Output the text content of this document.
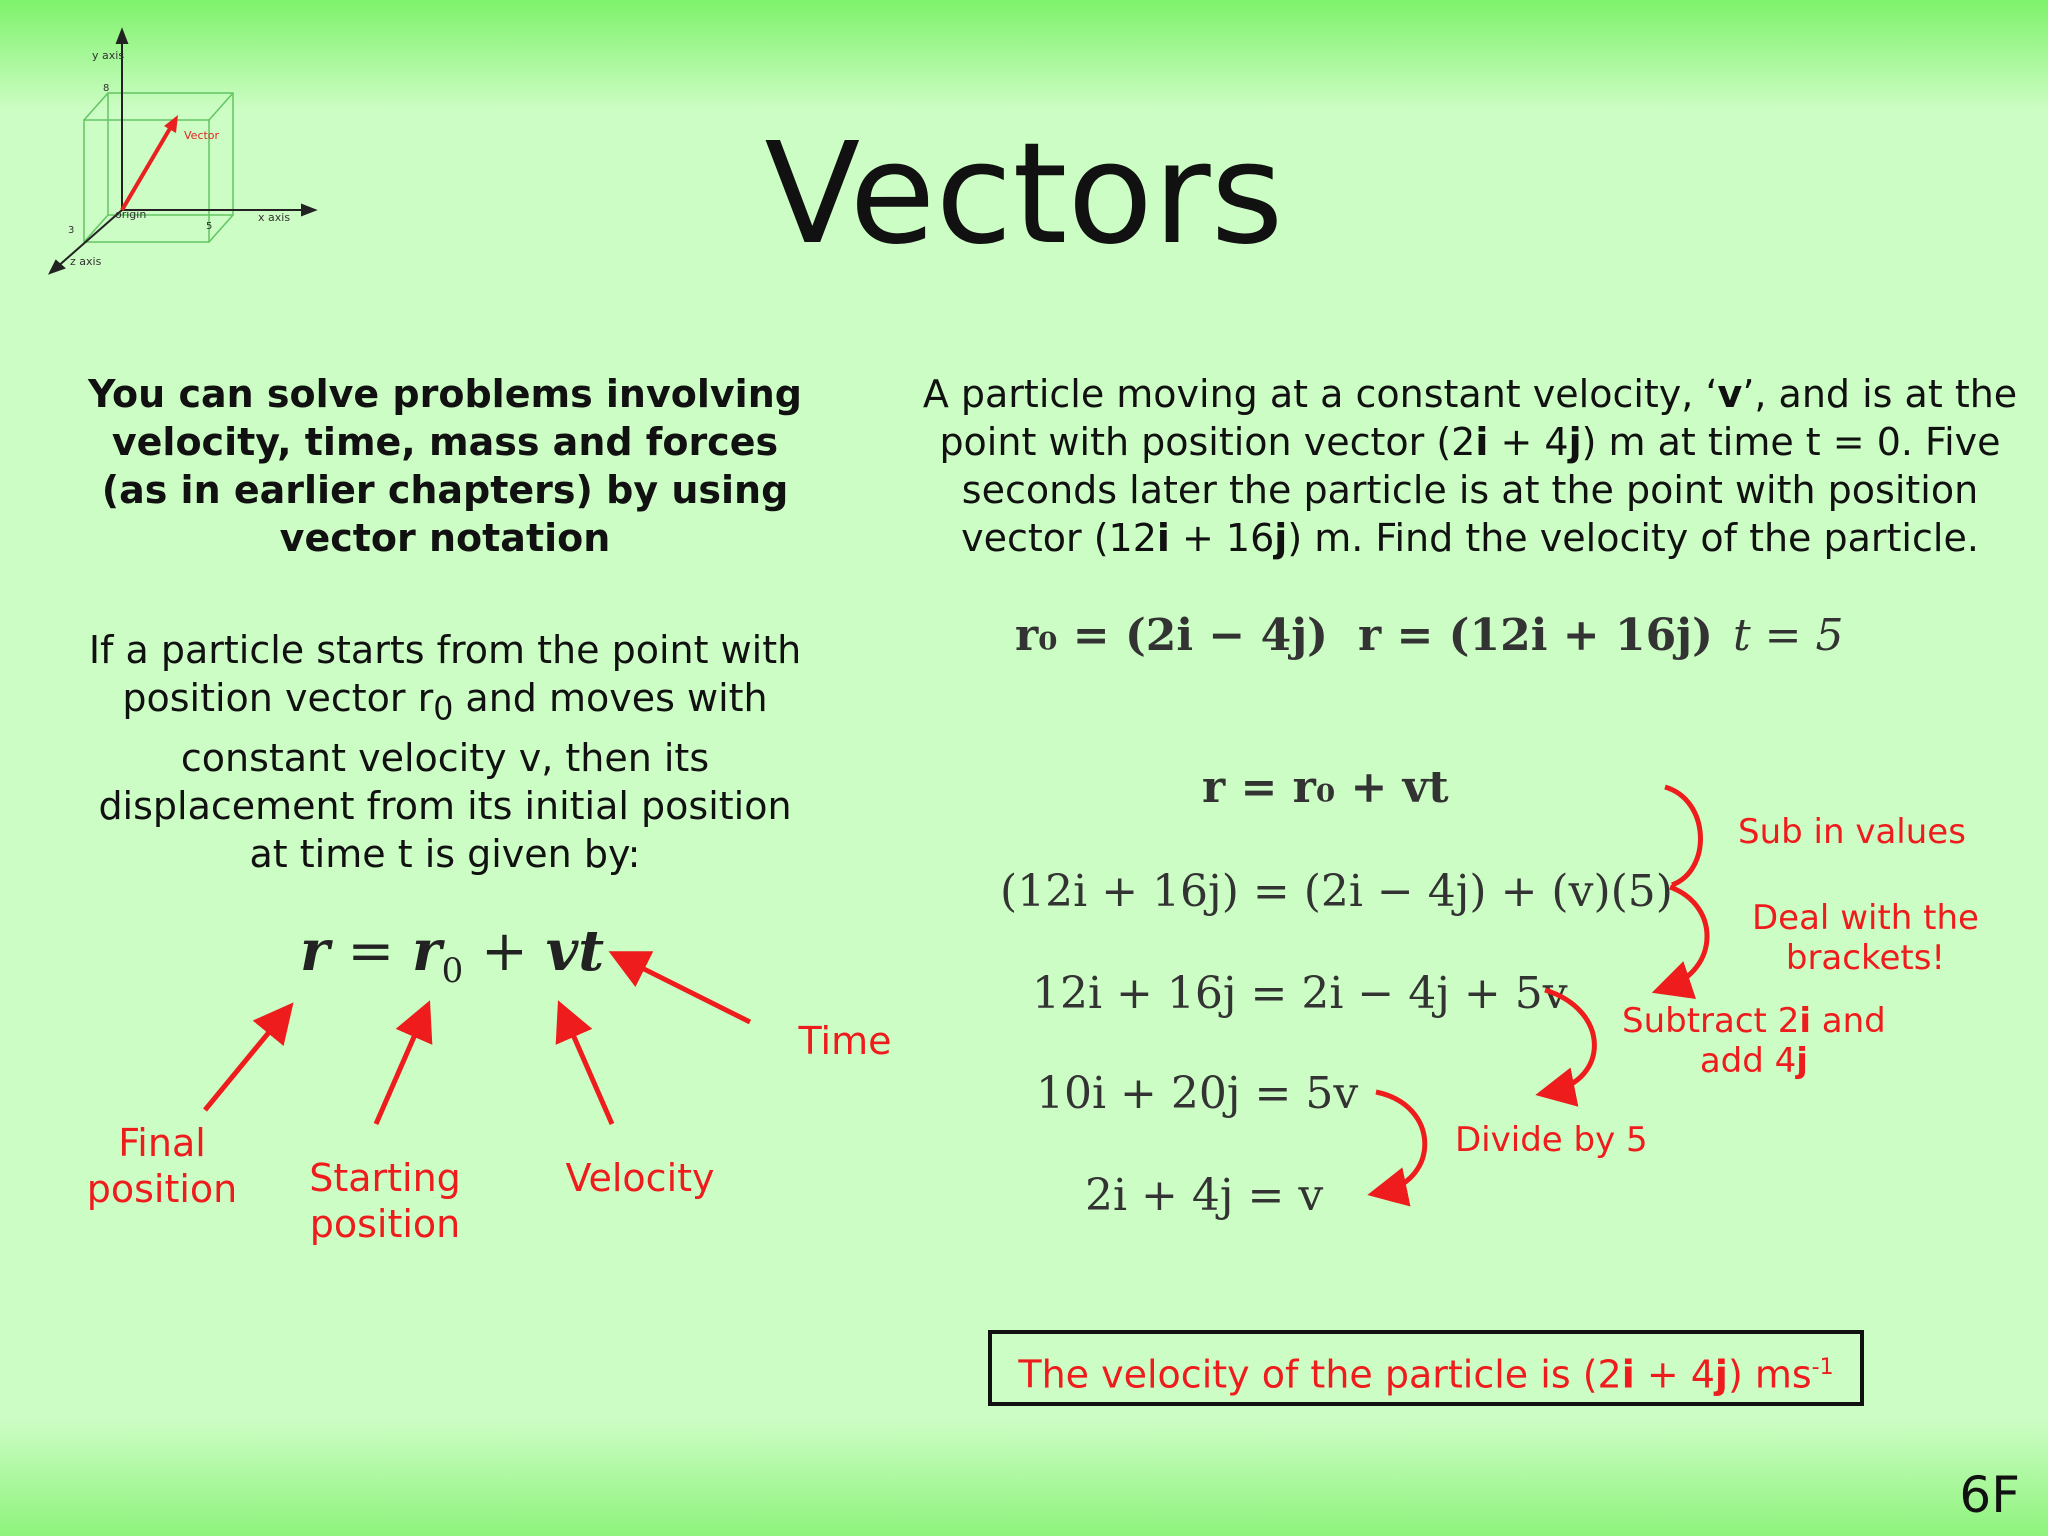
y axis
8
Vector
origin
5
x axis
3
z axis	Vectors
You can solve problems involving velocity, time, mass and forces (as in earlier chapters) by using vector notation
If a particle starts from the point with position vector $r_0$ and moves with constant velocity v, then its displacement from its initial position at time t is given by:
$r = r_0$ + vt
Final
position	Starting
position
Velocity
Time
A particle moving at a constant velocity, ‘v’, and is at the point with position vector (2i + 4j) m at time t = 0. Five seconds later the particle is at the point with position vector (12i + 16j) m. Find the velocity of the particle.
r₀ = (2i − 4j) r = (12i + 16j) t = 5
r = r₀ + vt
(12i + 16j) = (2i − 4j) + (v)(5)
12i + 16j = 2i − 4j + 5v
10i + 20j = 5v
2i + 4j = v
Sub in values
Deal with the
brackets!
Subtract 2i and
add 4j
Divide by 5
The velocity of the particle is (2i + 4j) $ms^{-1}$
6F
